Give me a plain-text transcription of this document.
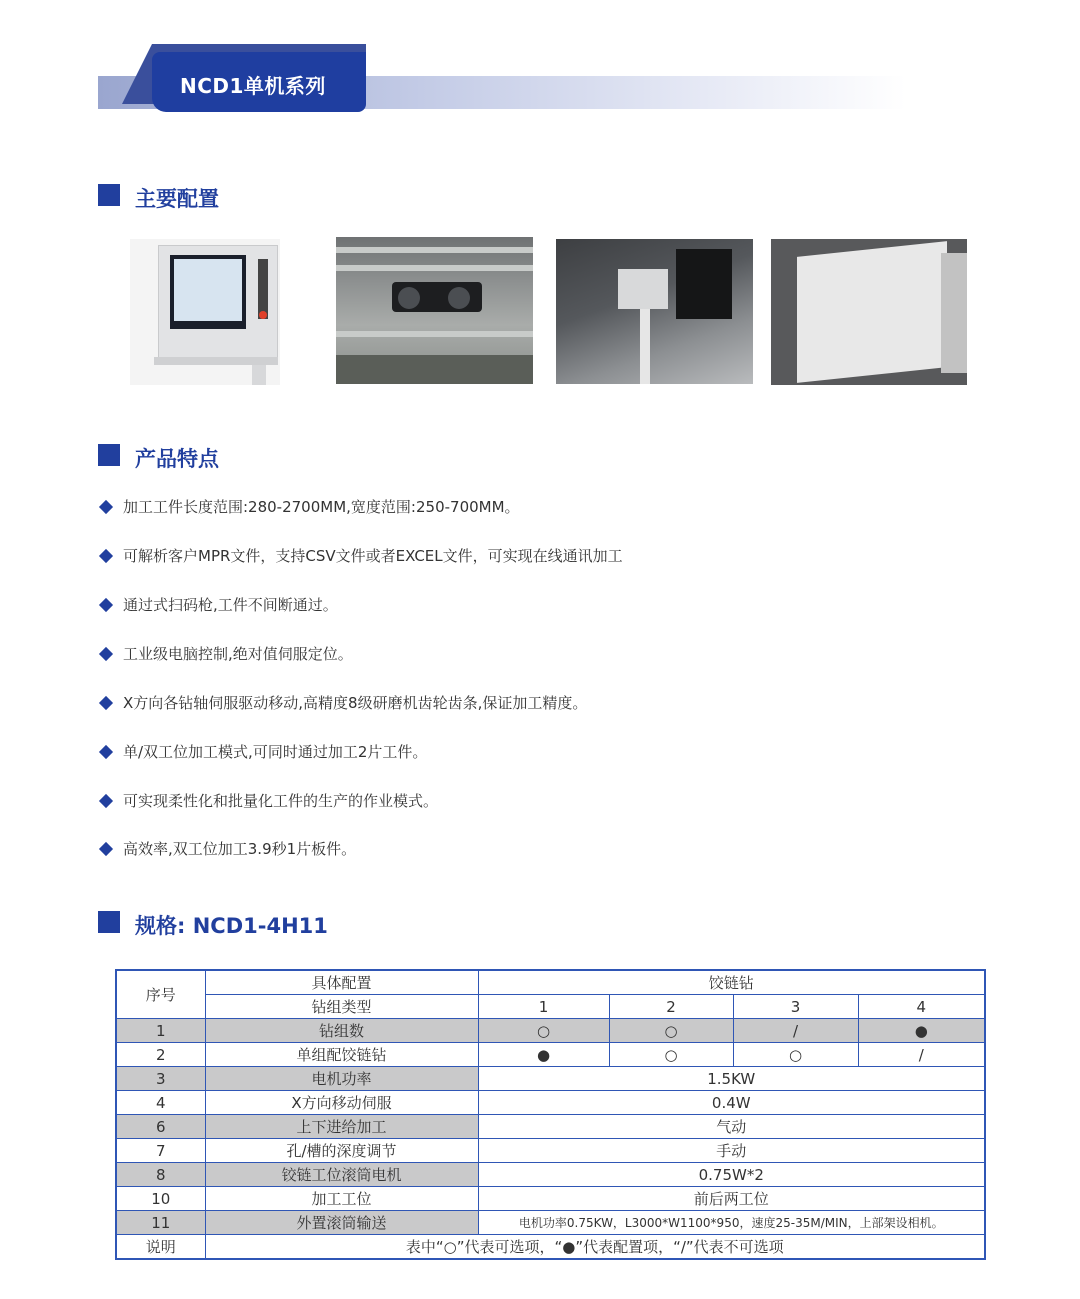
NCD1单机系列
主要配置
产品特点
加工工件长度范围:280-2700MM,宽度范围:250-700MM。
可解析客户MPR文件，支持CSV文件或者EXCEL文件，可实现在线通讯加工
通过式扫码枪,工件不间断通过。
工业级电脑控制,绝对值伺服定位。
X方向各钻轴伺服驱动移动,高精度8级研磨机齿轮齿条,保证加工精度。
单/双工位加工模式,可同时通过加工2片工件。
可实现柔性化和批量化工件的生产的作业模式。
高效率,双工位加工3.9秒1片板件。
规格: NCD1-4H11
序号	具体配置	饺链钻			
	钻组类型	1	2	3	4
1	钻组数	○	○	/	●
2	单组配饺链钻	●	○	○	/
3	电机功率	1.5KW			
4	X方向移动伺服	0.4W			
6	上下进给加工	气动			
7	孔/槽的深度调节	手动			
8	铰链工位滚筒电机	0.75W*2			
10	加工工位	前后两工位			
11	外置滚筒输送	电机功率0.75KW，L3000*W1100*950，速度25-35M/MIN，上部架设相机。			
说明	表中“○”代表可选项，“●”代表配置项，“/”代表不可选项				
